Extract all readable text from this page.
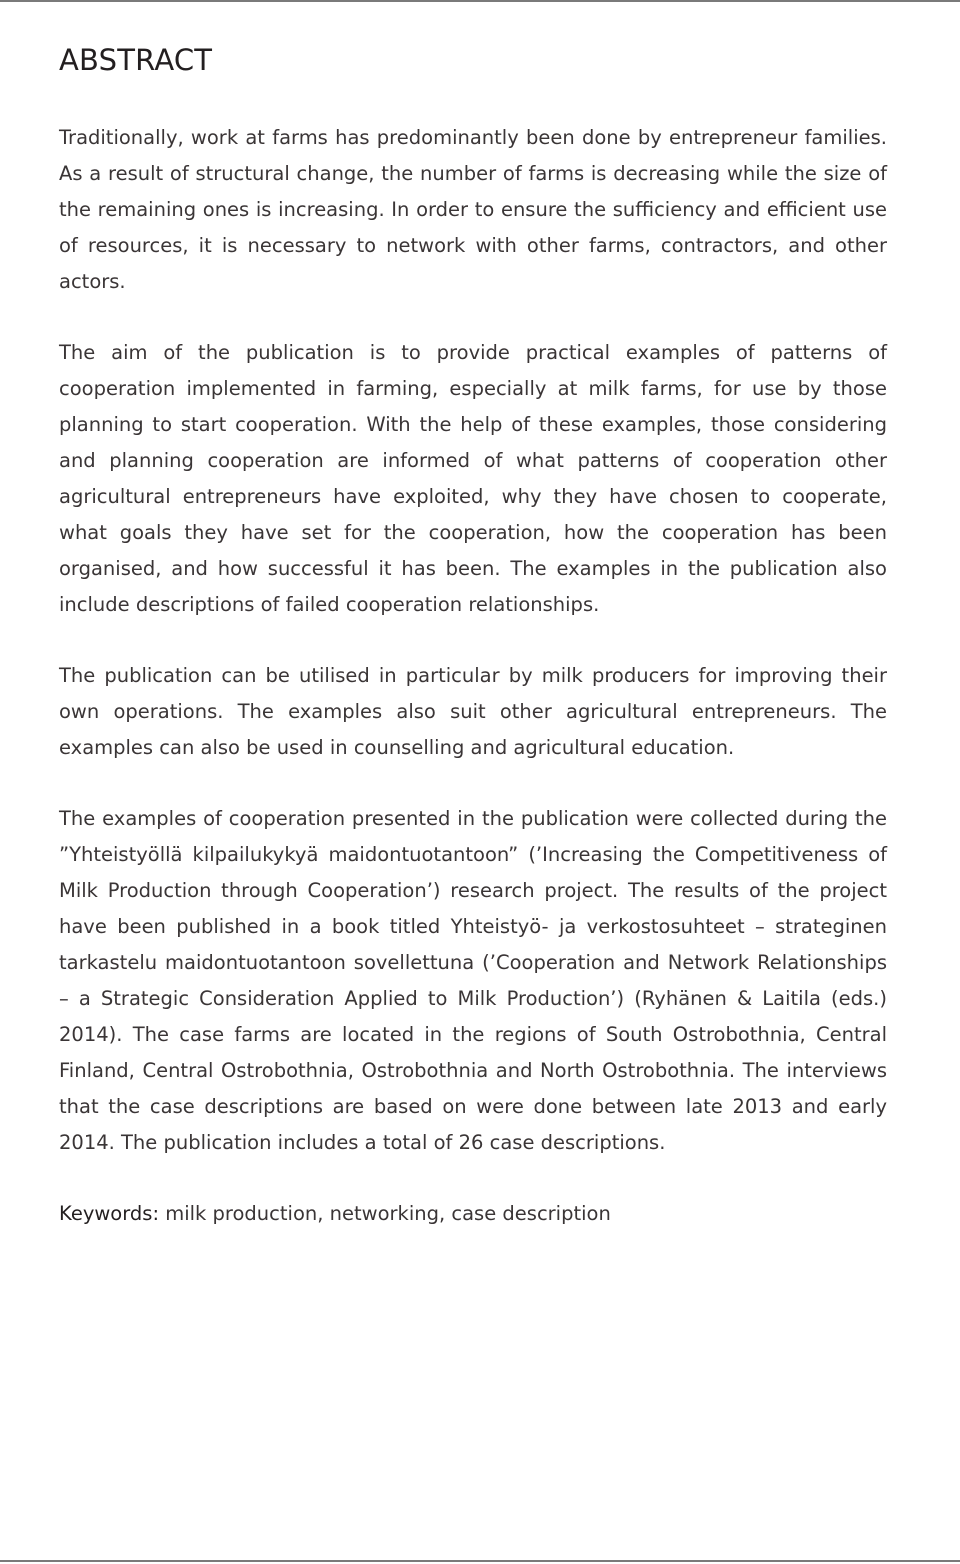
ABSTRACT

Traditionally, work at farms has predominantly been done by entrepreneur families. As a result of structural change, the number of farms is decreasing while the size of the remaining ones is increasing. In order to ensure the sufficiency and efficient use of resources, it is necessary to network with other farms, contractors, and other actors.

The aim of the publication is to provide practical examples of patterns of cooperation implemented in farming, especially at milk farms, for use by those planning to start cooperation. With the help of these examples, those considering and planning cooperation are informed of what patterns of cooperation other agricultural entrepreneurs have exploited, why they have chosen to cooperate, what goals they have set for the cooperation, how the cooperation has been organised, and how successful it has been. The examples in the publication also include descriptions of failed cooperation relationships.

The publication can be utilised in particular by milk producers for improving their own operations. The examples also suit other agricultural entrepreneurs. The examples can also be used in counselling and agricultural education.

The examples of cooperation presented in the publication were collected during the ”Yhteistyöllä kilpailukykyä maidontuotantoon” (’Increasing the Competitiveness of Milk Production through Cooperation’) research project. The results of the project have been published in a book titled Yhteistyö- ja verkostosuhteet – strateginen tarkastelu maidontuotantoon sovellettuna (’Cooperation and Network Relationships – a Strategic Consideration Applied to Milk Production’) (Ryhänen & Laitila (eds.) 2014). The case farms are located in the regions of South Ostrobothnia, Central Finland, Central Ostrobothnia, Ostrobothnia and North Ostrobothnia. The interviews that the case descriptions are based on were done between late 2013 and early 2014. The publication includes a total of 26 case descriptions.

Keywords: milk production, networking, case description
